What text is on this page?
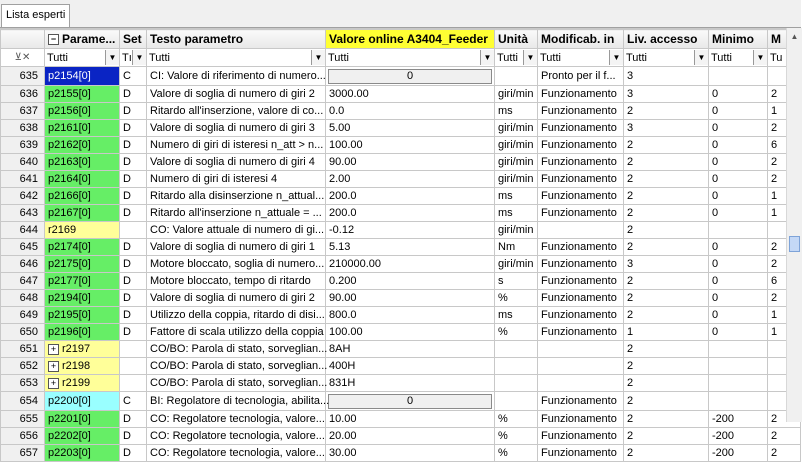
Lista esperti
	− Parame...	Set	Testo parametro	Valore online A3404_Feeder	Unità	Modificab. in	Liv. accesso	Minimo	M
⊻✕	Tutti ▼	Tı ▼	Tutti ▼	Tutti ▼	Tutti ▼	Tutti ▼	Tutti ▼	Tutti ▼	Tu

635	p2154[0]	C	CI: Valore di riferimento di numero...	0		Pronto per il f...	3		
636	p2155[0]	D	Valore di soglia di numero di giri 2	3000.00	giri/min	Funzionamento	3	0	2
637	p2156[0]	D	Ritardo all'inserzione, valore di co...	0.0	ms	Funzionamento	2	0	1
638	p2161[0]	D	Valore di soglia di numero di giri 3	5.00	giri/min	Funzionamento	3	0	2
639	p2162[0]	D	Numero di giri di isteresi n_att > n...	100.00	giri/min	Funzionamento	2	0	6
640	p2163[0]	D	Valore di soglia di numero di giri 4	90.00	giri/min	Funzionamento	2	0	2
641	p2164[0]	D	Numero di giri di isteresi 4	2.00	giri/min	Funzionamento	2	0	2
642	p2166[0]	D	Ritardo alla disinserzione n_attual...	200.0	ms	Funzionamento	2	0	1
643	p2167[0]	D	Ritardo all'inserzione n_attuale = ...	200.0	ms	Funzionamento	2	0	1
644	r2169		CO: Valore attuale di numero di gi...	-0.12	giri/min		2		
645	p2174[0]	D	Valore di soglia di numero di giri 1	5.13	Nm	Funzionamento	2	0	2
646	p2175[0]	D	Motore bloccato, soglia di numero...	210000.00	giri/min	Funzionamento	3	0	2
647	p2177[0]	D	Motore bloccato, tempo di ritardo	0.200	s	Funzionamento	2	0	6
648	p2194[0]	D	Valore di soglia di numero di giri 2	90.00	%	Funzionamento	2	0	2
649	p2195[0]	D	Utilizzo della coppia, ritardo di disi...	800.0	ms	Funzionamento	2	0	1
650	p2196[0]	D	Fattore di scala utilizzo della coppia	100.00	%	Funzionamento	1	0	1
651	+ r2197		CO/BO: Parola di stato, sorveglian...	8AH			2		
652	+ r2198		CO/BO: Parola di stato, sorveglian...	400H			2		
653	+ r2199		CO/BO: Parola di stato, sorveglian...	831H			2		
654	p2200[0]	C	BI: Regolatore di tecnologia, abilita...	0		Funzionamento	2		
655	p2201[0]	D	CO: Regolatore tecnologia, valore...	10.00	%	Funzionamento	2	-200	2
656	p2202[0]	D	CO: Regolatore tecnologia, valore...	20.00	%	Funzionamento	2	-200	2
657	p2203[0]	D	CO: Regolatore tecnologia, valore...	30.00	%	Funzionamento	2	-200	2
▲
